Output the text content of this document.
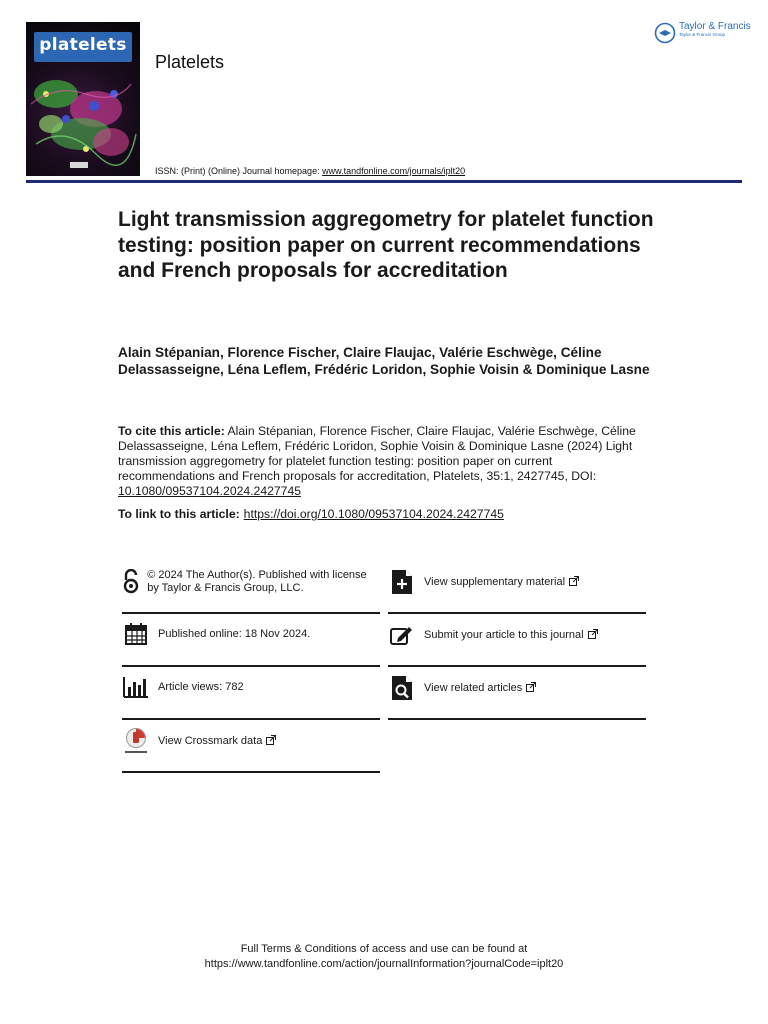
platelets
Platelets
Taylor & Francis
Taylor & Francis Group
ISSN: (Print) (Online) Journal homepage: www.tandfonline.com/journals/iplt20
Light transmission aggregometry for platelet function testing: position paper on current recommendations and French proposals for accreditation

Alain Stépanian, Florence Fischer, Claire Flaujac, Valérie Eschwège, Céline Delassasseigne, Léna Leflem, Frédéric Loridon, Sophie Voisin & Dominique Lasne

To cite this article: Alain Stépanian, Florence Fischer, Claire Flaujac, Valérie Eschwège, Céline Delassasseigne, Léna Leflem, Frédéric Loridon, Sophie Voisin & Dominique Lasne (2024) Light transmission aggregometry for platelet function testing: position paper on current recommendations and French proposals for accreditation, Platelets, 35:1, 2427745, DOI: 10.1080/09537104.2024.2427745
To link to this article: https://doi.org/10.1080/09537104.2024.2427745
© 2024 The Author(s). Published with license by Taylor & Francis Group, LLC.
Published online: 18 Nov 2024.
Article views: 782
View Crossmark data
View supplementary material
Submit your article to this journal
View related articles
Full Terms & Conditions of access and use can be found at
https://www.tandfonline.com/action/journalInformation?journalCode=iplt20
